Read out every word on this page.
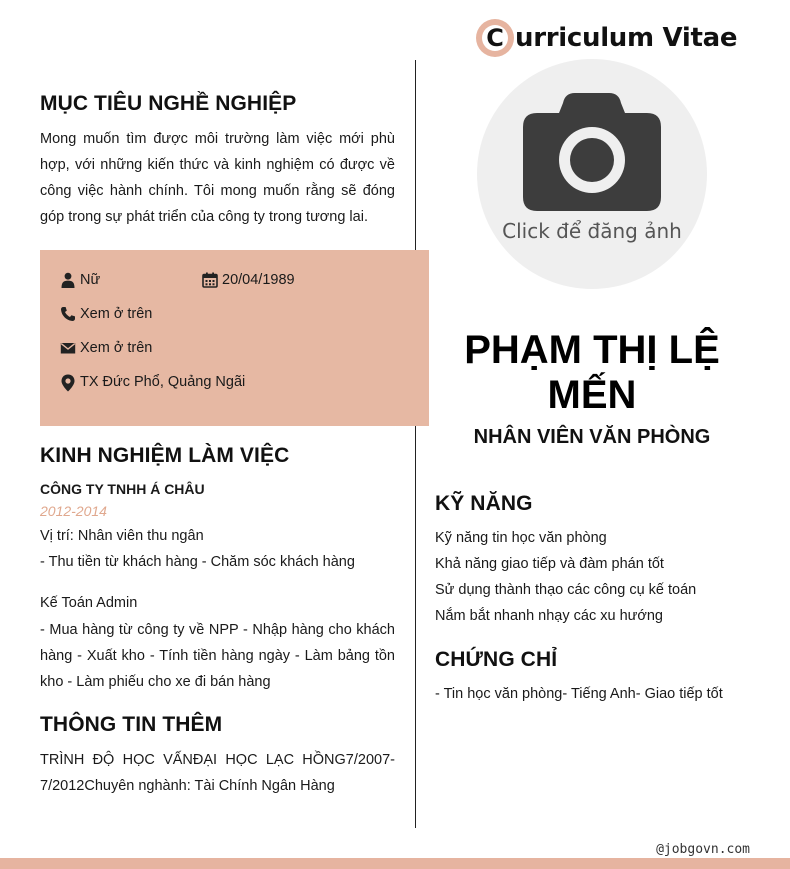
C urriculum Vitae
MỤC TIÊU NGHỀ NGHIỆP

Mong muốn tìm được môi trường làm việc mới phù hợp, với những kiến thức và kinh nghiệm có được về công việc hành chính. Tôi mong muốn rằng sẽ đóng góp trong sự phát triển của công ty trong tương lai.

Nữ	20/04/1989
Xem ở trên
Xem ở trên
TX Đức Phổ, Quảng Ngãi
KINH NGHIỆM LÀM VIỆC
CÔNG TY TNHH Á CHÂU
2012-2014
Vị trí: Nhân viên thu ngân
- Thu tiền từ khách hàng - Chăm sóc khách hàng
Kế Toán Admin

- Mua hàng từ công ty về NPP - Nhập hàng cho khách hàng - Xuất kho - Tính tiền hàng ngày - Làm bảng tồn kho - Làm phiếu cho xe đi bán hàng

THÔNG TIN THÊM

TRÌNH ĐỘ HỌC VẤNĐẠI HỌC LẠC HỒNG7/2007-7/2012Chuyên nghành: Tài Chính Ngân Hàng

Click để đăng ảnh
PHẠM THỊ LỆ MẾN
NHÂN VIÊN VĂN PHÒNG
KỸ NĂNG
Kỹ năng tin học văn phòng
Khả năng giao tiếp và đàm phán tốt
Sử dụng thành thạo các công cụ kế toán
Nắm bắt nhanh nhạy các xu hướng
CHỨNG CHỈ
- Tin học văn phòng- Tiếng Anh- Giao tiếp tốt
@jobgovn.com
